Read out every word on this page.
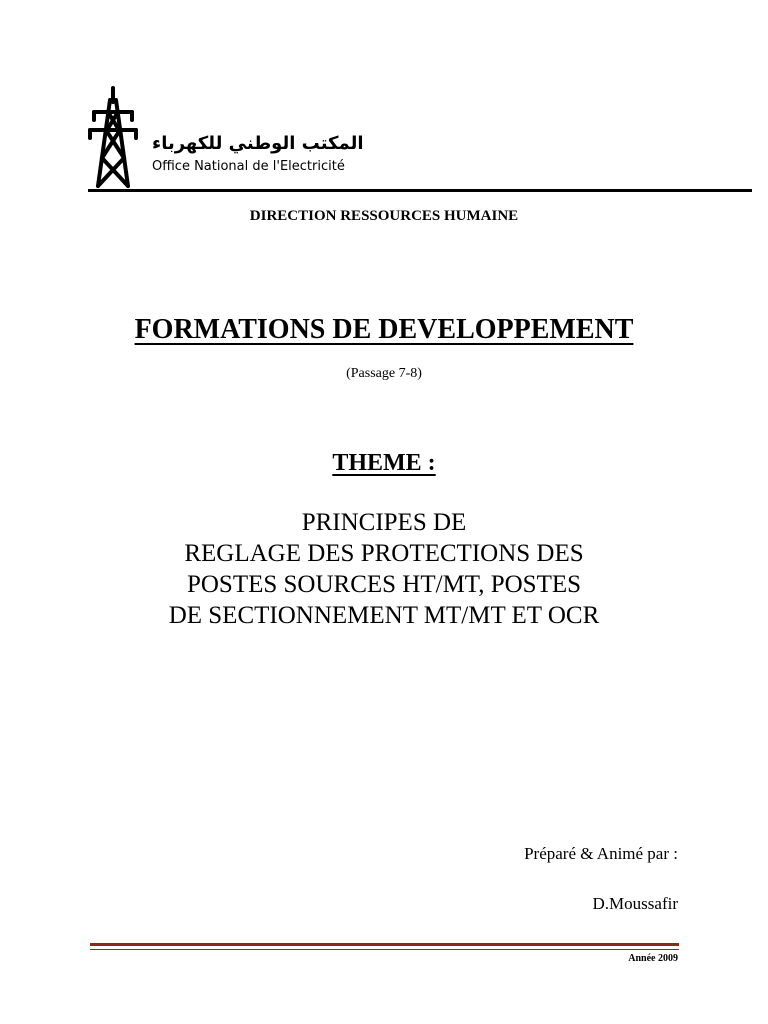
المكتب الوطني للكهرباء
Office National de l'Electricité
DIRECTION RESSOURCES HUMAINE
FORMATIONS DE DEVELOPPEMENT
(Passage 7-8)
THEME :
PRINCIPES DE
REGLAGE DES PROTECTIONS DES
POSTES SOURCES HT/MT, POSTES
DE SECTIONNEMENT MT/MT ET OCR
Préparé & Animé par :
D.Moussafir
Année 2009
